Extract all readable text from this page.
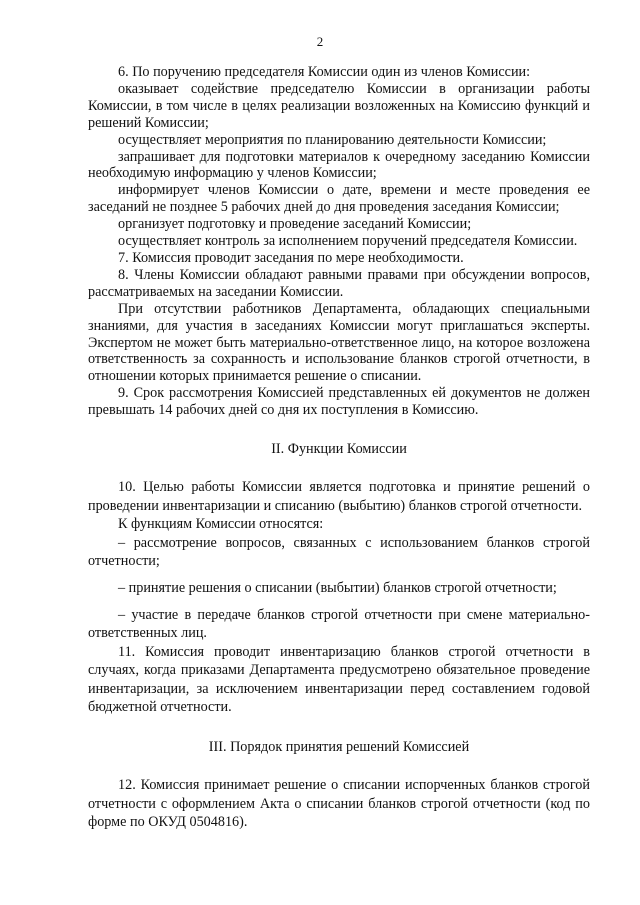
2

6. По поручению председателя Комиссии один из членов Комиссии:

оказывает содействие председателю Комиссии в организации работы Комиссии, в том числе в целях реализации возложенных на Комиссию функций и решений Комиссии;

осуществляет мероприятия по планированию деятельности Комиссии;

запрашивает для подготовки материалов к очередному заседанию Комиссии необходимую информацию у членов Комиссии;

информирует членов Комиссии о дате, времени и месте проведения ее заседаний не позднее 5 рабочих дней до дня проведения заседания Комиссии;

организует подготовку и проведение заседаний Комиссии;

осуществляет контроль за исполнением поручений председателя Комиссии.

7. Комиссия проводит заседания по мере необходимости.

8. Члены Комиссии обладают равными правами при обсуждении вопросов, рассматриваемых на заседании Комиссии.

При отсутствии работников Департамента, обладающих специальными знаниями, для участия в заседаниях Комиссии могут приглашаться эксперты. Экспертом не может быть материально-ответственное лицо, на которое возложена ответственность за сохранность и использование бланков строгой отчетности, в отношении которых принимается решение о списании.

9. Срок рассмотрения Комиссией представленных ей документов не должен превышать 14 рабочих дней со дня их поступления в Комиссию.

II. Функции Комиссии

10. Целью работы Комиссии является подготовка и принятие решений о проведении инвентаризации и списанию (выбытию) бланков строгой отчетности.

К функциям Комиссии относятся:

– рассмотрение вопросов, связанных с использованием бланков строгой отчетности;

– принятие решения о списании (выбытии) бланков строгой отчетности;

– участие в передаче бланков строгой отчетности при смене материально-ответственных лиц.

11. Комиссия проводит инвентаризацию бланков строгой отчетности в случаях, когда приказами Департамента предусмотрено обязательное проведение инвентаризации, за исключением инвентаризации перед составлением годовой бюджетной отчетности.

III. Порядок принятия решений Комиссией

12. Комиссия принимает решение о списании испорченных бланков строгой отчетности с оформлением Акта о списании бланков строгой отчетности (код по форме по ОКУД 0504816).
